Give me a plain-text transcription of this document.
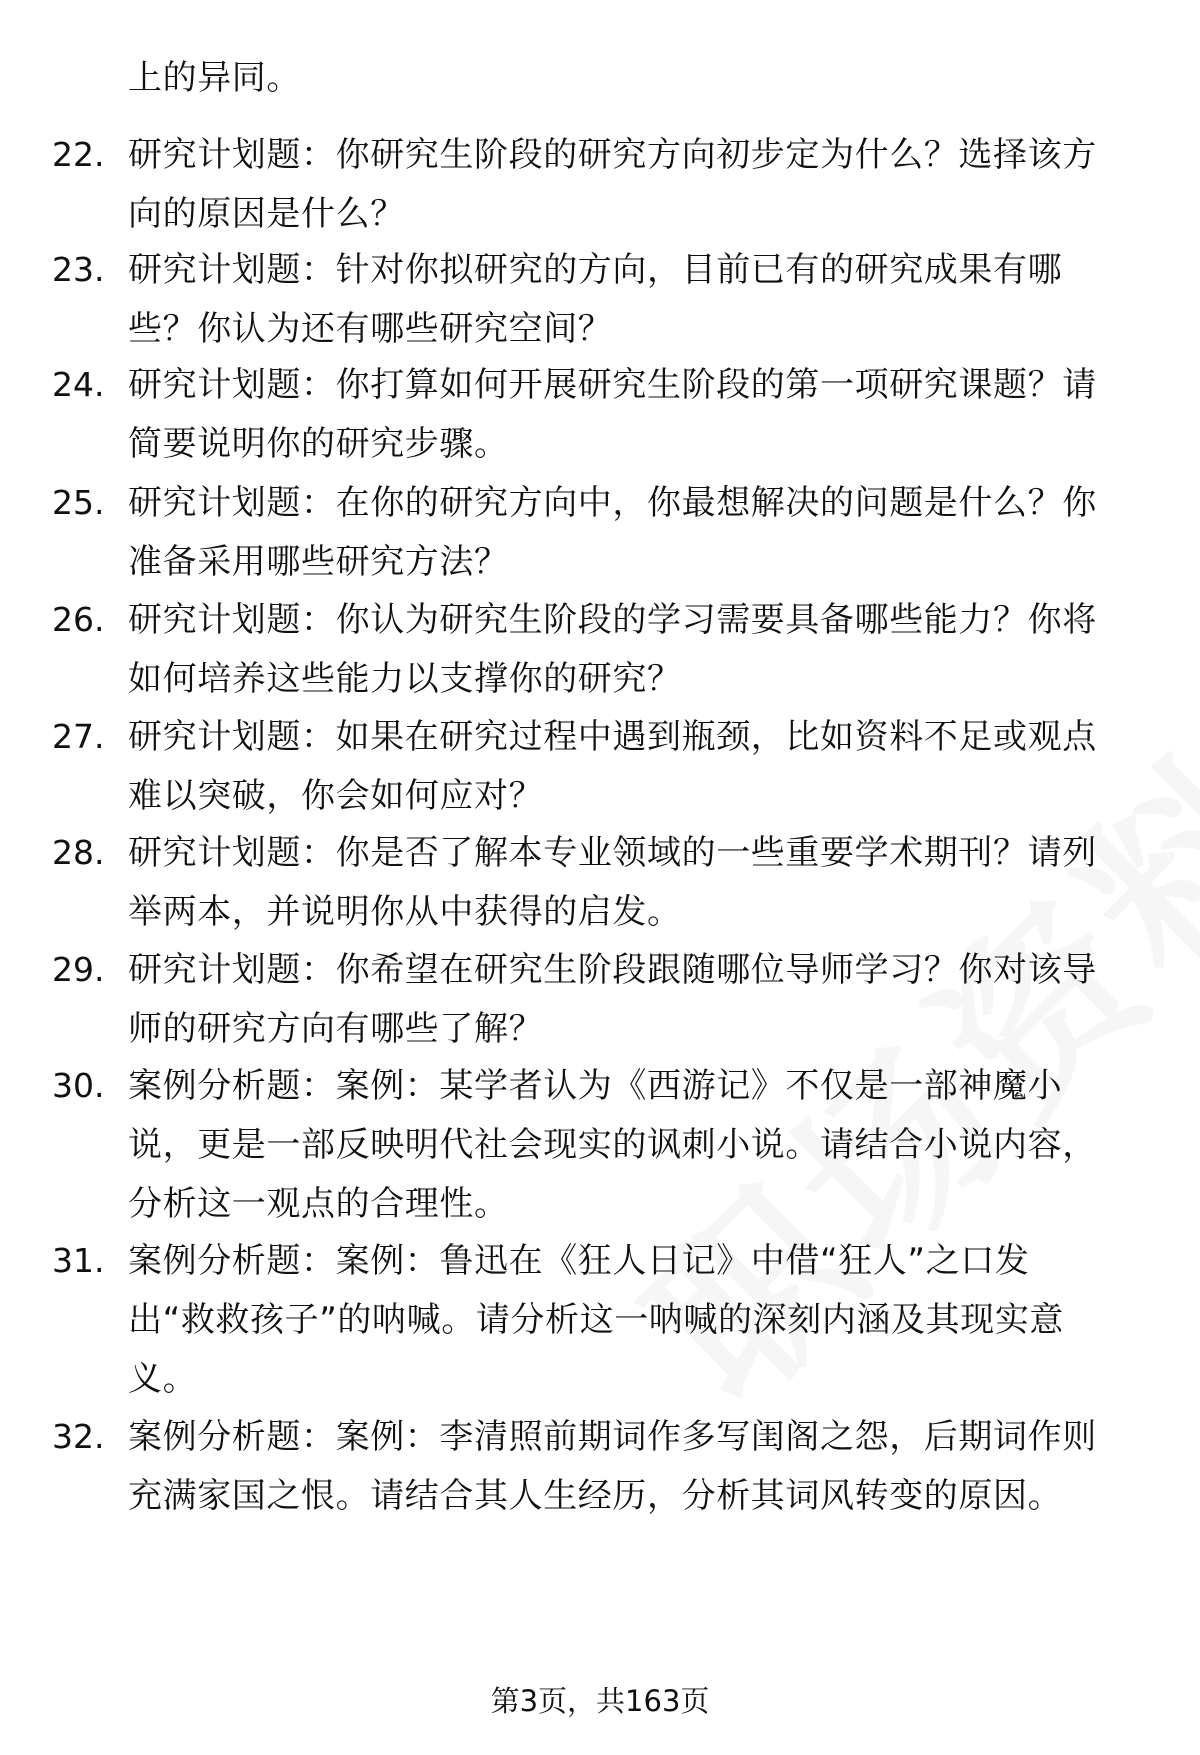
上的异同。
22. 研究计划题：你研究生阶段的研究方向初步定为什么？选择该方
向的原因是什么？
23. 研究计划题：针对你拟研究的方向，目前已有的研究成果有哪
些？你认为还有哪些研究空间？
24. 研究计划题：你打算如何开展研究生阶段的第一项研究课题？请
简要说明你的研究步骤。
25. 研究计划题：在你的研究方向中，你最想解决的问题是什么？你
准备采用哪些研究方法？
26. 研究计划题：你认为研究生阶段的学习需要具备哪些能力？你将
如何培养这些能力以支撑你的研究？
27. 研究计划题：如果在研究过程中遇到瓶颈，比如资料不足或观点
难以突破，你会如何应对？
28. 研究计划题：你是否了解本专业领域的一些重要学术期刊？请列
举两本，并说明你从中获得的启发。
29. 研究计划题：你希望在研究生阶段跟随哪位导师学习？你对该导
师的研究方向有哪些了解？
30. 案例分析题：案例：某学者认为《西游记》不仅是一部神魔小
说，更是一部反映明代社会现实的讽刺小说。请结合小说内容，
分析这一观点的合理性。
31. 案例分析题：案例：鲁迅在《狂人日记》中借“狂人”之口发
出“救救孩子”的呐喊。请分析这一呐喊的深刻内涵及其现实意
义。
32. 案例分析题：案例：李清照前期词作多写闺阁之怨，后期词作则
充满家国之恨。请结合其人生经历，分析其词风转变的原因。
第3页，共163页
